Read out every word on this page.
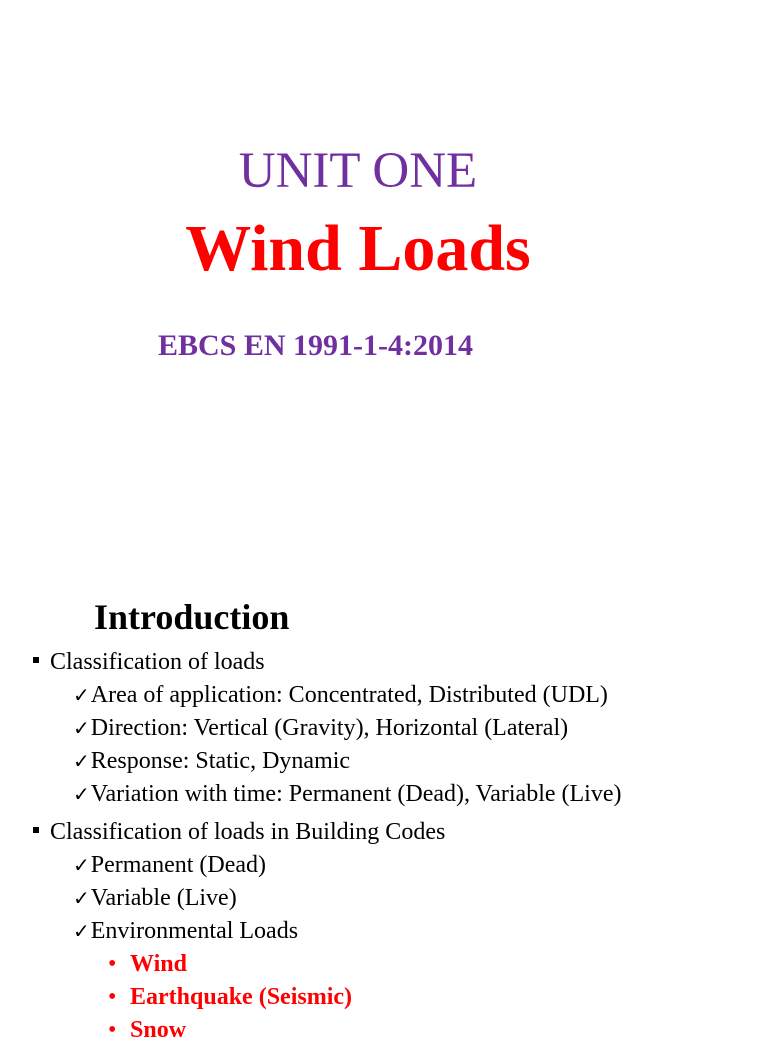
UNIT ONE
Wind Loads
EBCS EN 1991-1-4:2014
Introduction
Classification of loads
✓Area of application: Concentrated, Distributed (UDL)
✓Direction: Vertical (Gravity), Horizontal (Lateral)
✓Response: Static, Dynamic
✓Variation with time: Permanent (Dead), Variable (Live)
Classification of loads in Building Codes
✓Permanent (Dead)
✓Variable (Live)
✓Environmental Loads
• Wind
• Earthquake (Seismic)
• Snow
